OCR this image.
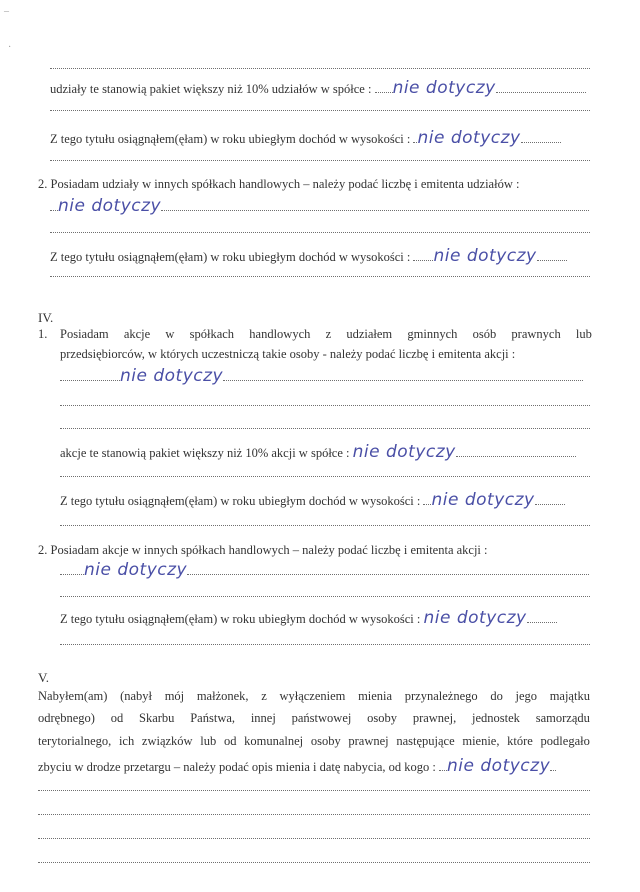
–
·
udziały te stanowią pakiet większy niż 10% udziałów w spółce : nie dotyczy
Z tego tytułu osiągnąłem(ęłam) w roku ubiegłym dochód w wysokości : nie dotyczy
2. Posiadam udziały w innych spółkach handlowych – należy podać liczbę i emitenta udziałów :
nie dotyczy
Z tego tytułu osiągnąłem(ęłam) w roku ubiegłym dochód w wysokości : nie dotyczy
IV.
1. Posiadam akcje w spółkach handlowych z udziałem gminnych osób prawnych lub
przedsiębiorców, w których uczestniczą takie osoby - należy podać liczbę i emitenta akcji :
nie dotyczy
akcje te stanowią pakiet większy niż 10% akcji w spółce : nie dotyczy
Z tego tytułu osiągnąłem(ęłam) w roku ubiegłym dochód w wysokości : nie dotyczy
2. Posiadam akcje w innych spółkach handlowych – należy podać liczbę i emitenta akcji :
nie dotyczy
Z tego tytułu osiągnąłem(ęłam) w roku ubiegłym dochód w wysokości : nie dotyczy
V.
Nabyłem(am) (nabył mój małżonek, z wyłączeniem mienia przynależnego do jego majątku
odrębnego) od Skarbu Państwa, innej państwowej osoby prawnej, jednostek samorządu
terytorialnego, ich związków lub od komunalnej osoby prawnej następujące mienie, które podlegało
zbyciu w drodze przetargu – należy podać opis mienia i datę nabycia, od kogo : nie dotyczy
